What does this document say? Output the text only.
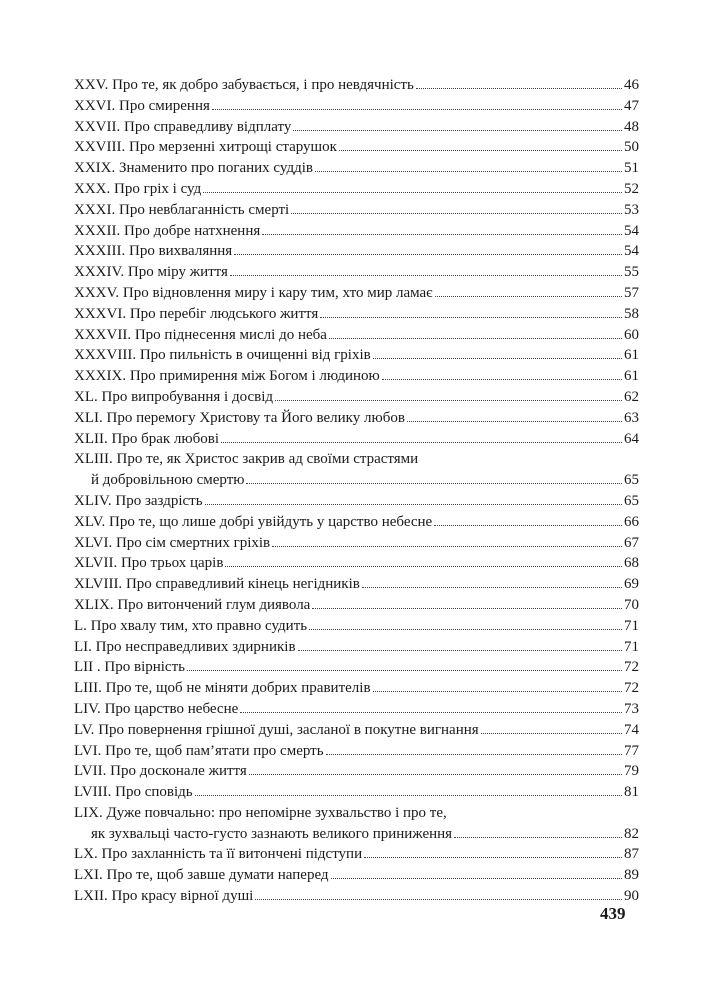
XXV. Про те, як добро забувається, і про невдячність	46
XXVI. Про смирення	47
XXVII. Про справедливу відплату	48
XXVIII. Про мерзенні хитрощі старушок	50
XXIX. Знаменито про поганих суддів	51
XXX. Про гріх і суд	52
XXXI. Про невблаганність смерті	53
XXXII. Про добре натхнення	54
XXXIII. Про вихваляння	54
XXXIV. Про міру життя	55
XXXV. Про відновлення миру і кару тим, хто мир ламає	57
XXXVI. Про перебіг людського життя	58
XXXVII. Про піднесення мислі до неба	60
XXXVIII. Про пильність в очищенні від гріхів	61
XXXIX. Про примирення між Богом і людиною	61
XL. Про випробування і досвід	62
XLI. Про перемогу Христову та Його велику любов	63
XLII. Про брак любові	64
XLIII. Про те, як Христос закрив ад своїми страстями
й добровільною смертю	65
XLIV. Про заздрість	65
XLV. Про те, що лише добрі увійдуть у царство небесне	66
XLVI. Про сім смертних гріхів	67
XLVII. Про трьох царів	68
XLVIII. Про справедливий кінець негідників	69
XLIX. Про витончений глум диявола	70
L. Про хвалу тим, хто правно судить	71
LI. Про несправедливих здирників	71
LII . Про вірність	72
LIII. Про те, щоб не міняти добрих правителів	72
LIV. Про царство небесне	73
LV. Про повернення грішної душі, засланої в покутне вигнання	74
LVI. Про те, щоб пам’ятати про смерть	77
LVII. Про досконале життя	79
LVIII. Про сповідь	81
LIX. Дуже повчально: про непомірне зухвальство і про те,
як зухвальці часто-густо зазнають великого приниження	82
LX. Про захланність та її витончені підступи	87
LXI. Про те, щоб завше думати наперед	89
LXII. Про красу вірної душі	90
439
